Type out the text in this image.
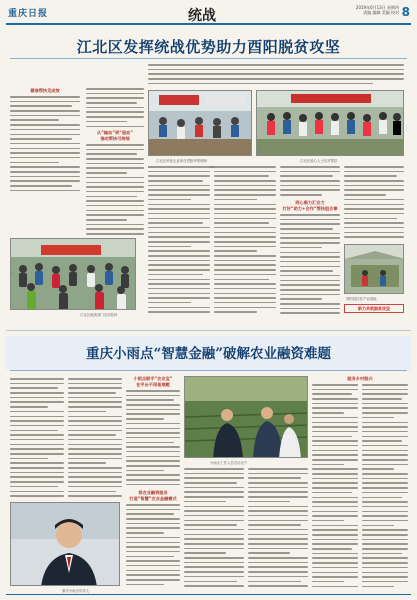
重庆日报	统战
2019年6月13日 星期四
责编 编辑 美编 校对 8
江北区发挥统战优势助力酉阳脱贫攻坚
精准帮扶见成效
江北区统战部门走访慰问
从“输血”到“造血”
推动帮扶可持续
江北区民营企业家在酉阳考察调研	江北区爱心人士结对帮扶
同心聚力汇合力
打好“助力+合作”帮扶组合拳
酉阳县扶贫产业基地
新力共筑脱贫攻坚
重庆小雨点“智慧金融”破解农业融资难题
重庆小雨点负责人
小雨点联手“农业宝”
在平台不再是难题
小雨点工作人员走访农户
将农业融资服务
打造“智慧”农业金融模式
服务乡村振兴
